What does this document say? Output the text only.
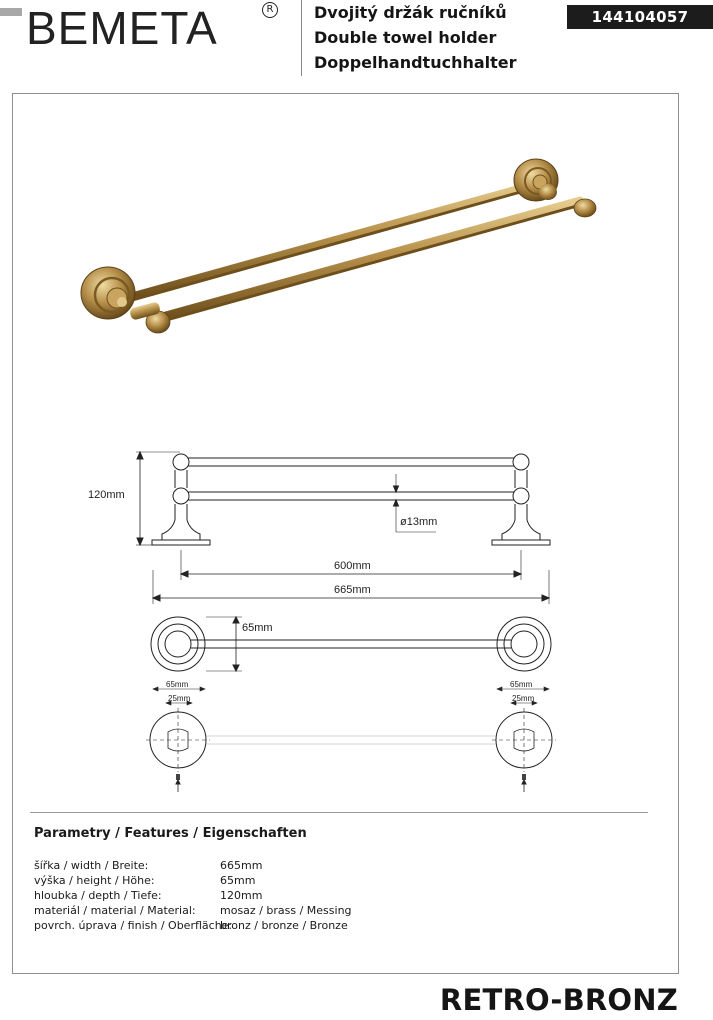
BEMETA	R	Dvojitý držák ručníků
Double towel holder
Doppelhandtuchhalter
144104057
120mm
ø13mm
600mm
665mm
65mm
65mm
25mm
65mm
25mm
Parametry / Features / Eigenschaften
šířka / width / Breite:	665mm
výška / height / Höhe:	65mm
hloubka / depth / Tiefe:	120mm
materiál / material / Material:	mosaz / brass / Messing
povrch. úprava / finish / Oberfläche:
bronz / bronze / Bronze
RETRO-BRONZ
